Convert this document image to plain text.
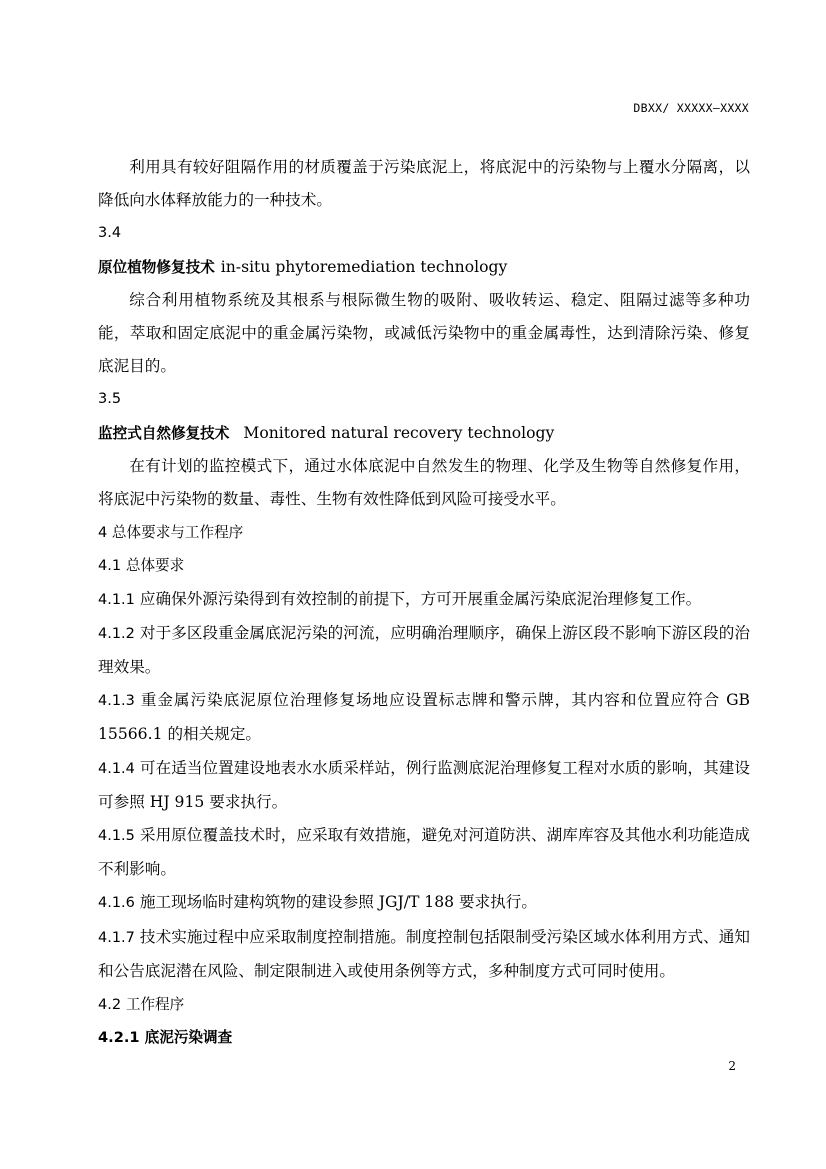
DBXX/ XXXXX—XXXX

利用具有较好阻隔作用的材质覆盖于污染底泥上，将底泥中的污染物与上覆水分隔离，以降低向水体释放能力的一种技术。

3.4

原位植物修复技术 in-situ phytoremediation technology

综合利用植物系统及其根系与根际微生物的吸附、吸收转运、稳定、阻隔过滤等多种功能，萃取和固定底泥中的重金属污染物，或减低污染物中的重金属毒性，达到清除污染、修复底泥目的。

3.5

监控式自然修复技术 Monitored natural recovery technology

在有计划的监控模式下，通过水体底泥中自然发生的物理、化学及生物等自然修复作用，将底泥中污染物的数量、毒性、生物有效性降低到风险可接受水平。

4 总体要求与工作程序

4.1 总体要求

4.1.1 应确保外源污染得到有效控制的前提下，方可开展重金属污染底泥治理修复工作。

4.1.2 对于多区段重金属底泥污染的河流，应明确治理顺序，确保上游区段不影响下游区段的治理效果。

4.1.3 重金属污染底泥原位治理修复场地应设置标志牌和警示牌，其内容和位置应符合 GB 15566.1 的相关规定。

4.1.4 可在适当位置建设地表水水质采样站，例行监测底泥治理修复工程对水质的影响，其建设可参照 HJ 915 要求执行。

4.1.5 采用原位覆盖技术时，应采取有效措施，避免对河道防洪、湖库库容及其他水利功能造成不利影响。

4.1.6 施工现场临时建构筑物的建设参照 JGJ/T 188 要求执行。

4.1.7 技术实施过程中应采取制度控制措施。制度控制包括限制受污染区域水体利用方式、通知和公告底泥潜在风险、制定限制进入或使用条例等方式，多种制度方式可同时使用。

4.2 工作程序

4.2.1 底泥污染调查

2
